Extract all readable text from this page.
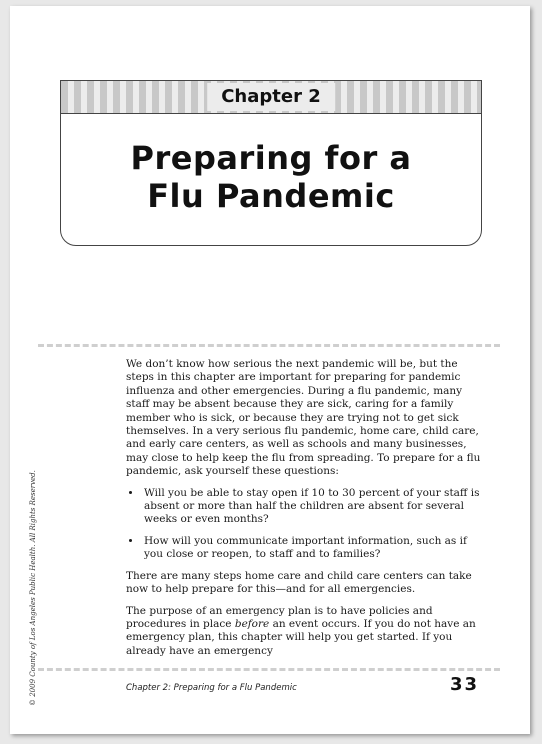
Chapter 2
Preparing for a
Flu Pandemic

We don’t know how serious the next pandemic will be, but the steps in this chapter are important for preparing for pandemic influenza and other emergencies. During a flu pandemic, many staff may be absent because they are sick, caring for a family member who is sick, or because they are trying not to get sick themselves. In a very serious flu pandemic, home care, child care, and early care centers, as well as schools and many businesses, may close to help keep the flu from spreading. To prepare for a flu pandemic, ask yourself these questions:

• Will you be able to stay open if 10 to 30 percent of your staff is absent or more than half the children are absent for several weeks or even months?
• How will you communicate important information, such as if you close or reopen, to staff and to families?

There are many steps home care and child care centers can take now to help prepare for this—and for all emergencies.

The purpose of an emergency plan is to have policies and procedures in place before an event occurs. If you do not have an emergency plan, this chapter will help you get started. If you already have an emergency

© 2009 County of Los Angeles Public Health. All Rights Reserved.	Chapter 2: Preparing for a Flu Pandemic	33
